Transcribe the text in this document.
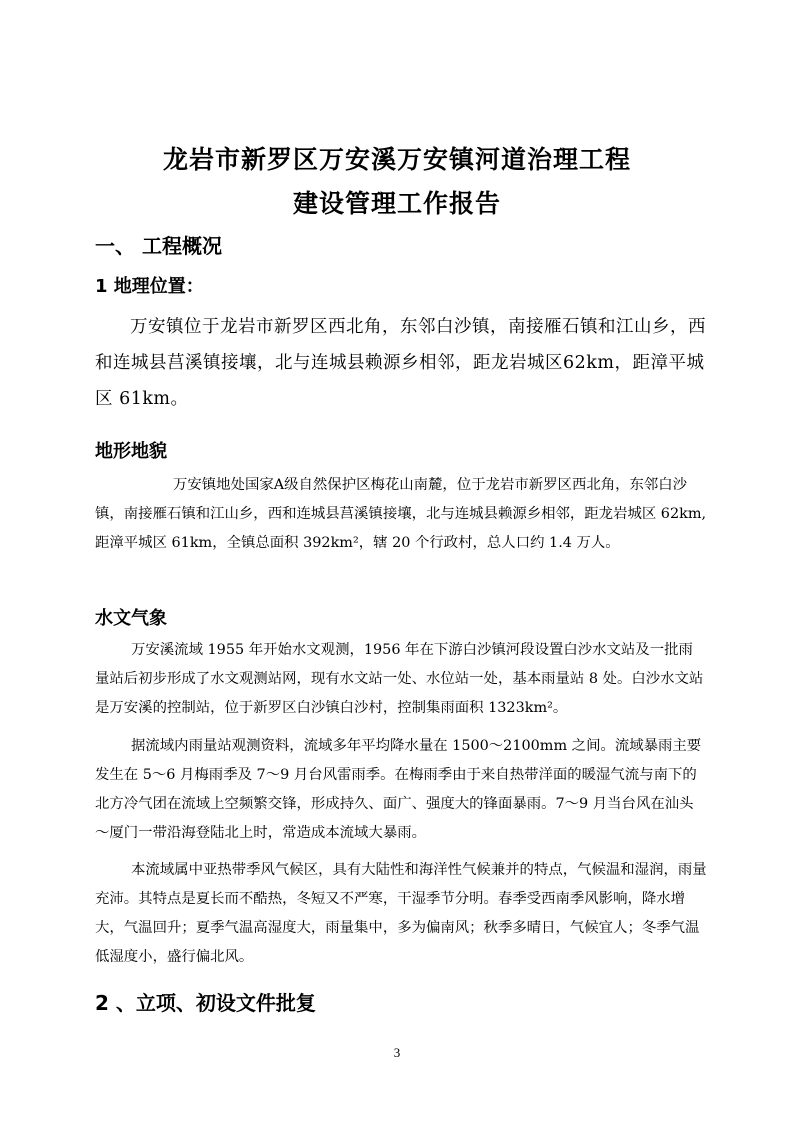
龙岩市新罗区万安溪万安镇河道治理工程
建设管理工作报告
一、 工程概况
1 地理位置：
万安镇位于龙岩市新罗区西北角，东邻白沙镇，南接雁石镇和江山乡，西和连城县莒溪镇接壤，北与连城县赖源乡相邻，距龙岩城区62km，距漳平城区 61km。
地形地貌
万安镇地处国家A级自然保护区梅花山南麓，位于龙岩市新罗区西北角，东邻白沙镇，南接雁石镇和江山乡，西和连城县莒溪镇接壤，北与连城县赖源乡相邻，距龙岩城区 62km,距漳平城区 61km，全镇总面积 392km²，辖 20 个行政村，总人口约 1.4 万人。
水文气象
万安溪流域 1955 年开始水文观测，1956 年在下游白沙镇河段设置白沙水文站及一批雨量站后初步形成了水文观测站网，现有水文站一处、水位站一处，基本雨量站 8 处。白沙水文站是万安溪的控制站，位于新罗区白沙镇白沙村，控制集雨面积 1323km²。
据流域内雨量站观测资料，流域多年平均降水量在 1500～2100mm 之间。流域暴雨主要发生在 5～6 月梅雨季及 7～9 月台风雷雨季。在梅雨季由于来自热带洋面的暖湿气流与南下的北方冷气团在流域上空频繁交锋，形成持久、面广、强度大的锋面暴雨。7～9 月当台风在汕头～厦门一带沿海登陆北上时，常造成本流域大暴雨。
本流域属中亚热带季风气候区，具有大陆性和海洋性气候兼并的特点，气候温和湿润，雨量充沛。其特点是夏长而不酷热，冬短又不严寒，干湿季节分明。春季受西南季风影响，降水增大，气温回升；夏季气温高湿度大，雨量集中，多为偏南风；秋季多晴日，气候宜人；冬季气温低湿度小，盛行偏北风。
2 、立项、初设文件批复
3
